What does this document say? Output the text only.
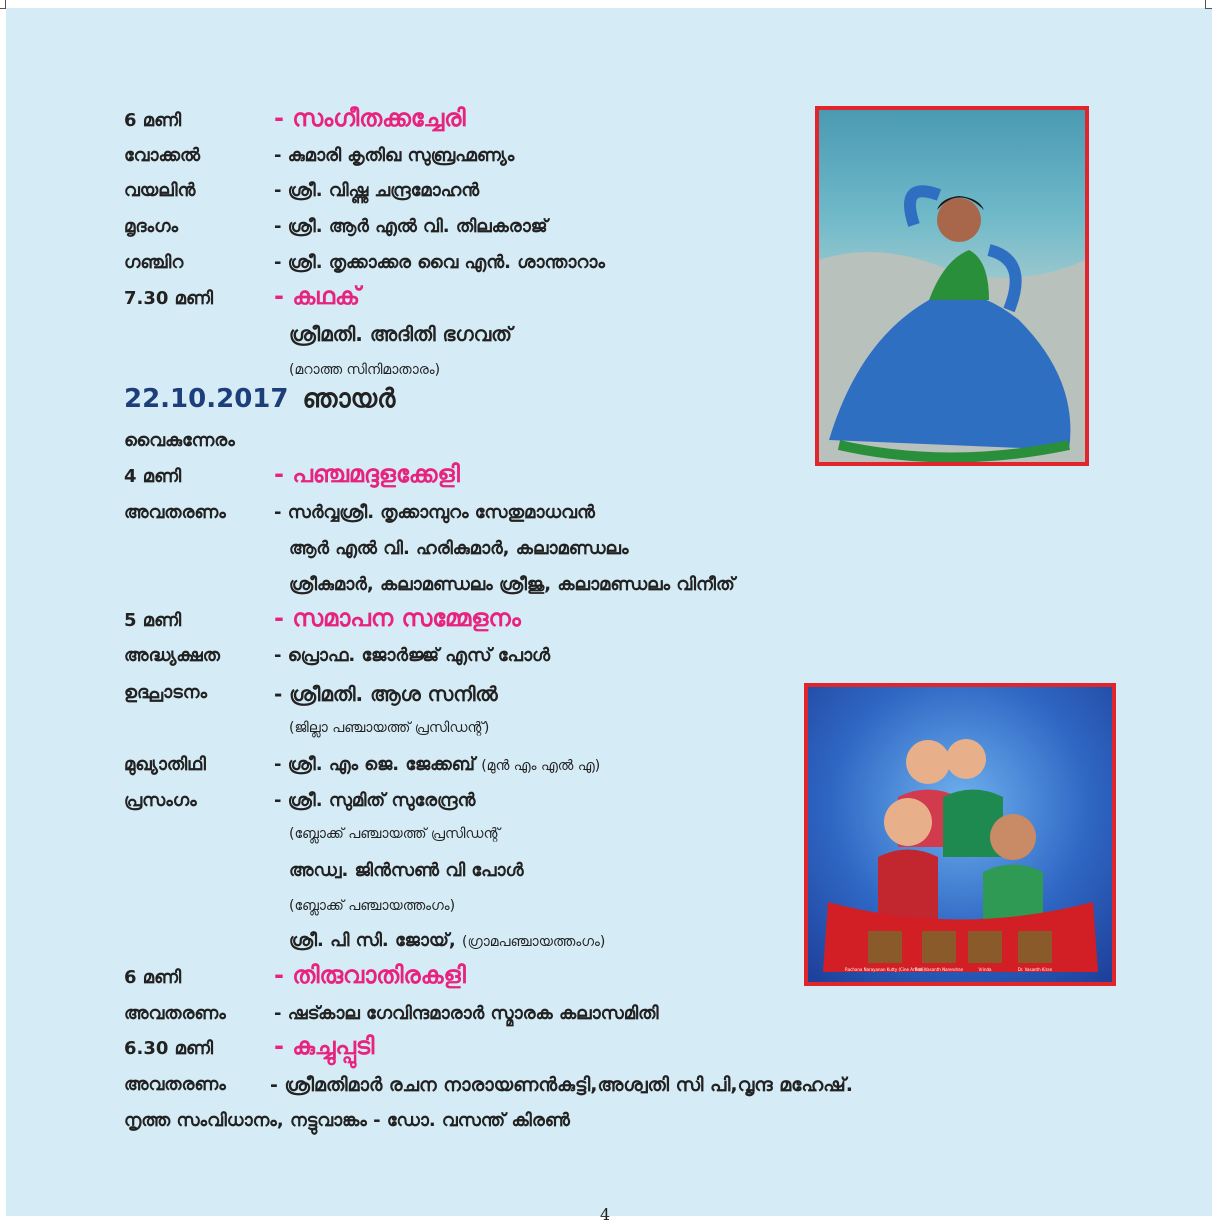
6 മണി	- സംഗീതക്കച്ചേരി
വോക്കൽ	- കുമാരി കൃതിഖ സുബ്രഹ്മണ്യം
വയലിൻ	- ശ്രീ. വിഷ്ണു ചന്ദ്രമോഹൻ
മൃദംഗം	- ശ്രീ. ആർ എൽ വി. തിലകരാജ്
ഗഞ്ചിറ	- ശ്രീ. തൃക്കാക്കര വൈ എൻ. ശാന്താറാം
7.30 മണി	- കഥക്
ശ്രീമതി. അദിതി ഭഗവത്
(മറാത്ത സിനിമാതാരം)
22.10.2017 ഞായർ
വൈകുന്നേരം
4 മണി	- പഞ്ചമദ്ദളക്കേളി
അവതരണം	- സർവ്വശ്രീ. തൃക്കാമ്പുറം സേതുമാധവൻ
ആർ എൽ വി. ഹരികുമാർ, കലാമണ്ഡലം
ശ്രീകുമാർ, കലാമണ്ഡലം ശ്രീജു, കലാമണ്ഡലം വിനീത്
5 മണി	- സമാപന സമ്മേളനം
അദ്ധ്യക്ഷത	- പ്രൊഫ. ജോർജ്ജ് എസ് പോൾ
ഉദ്ഘാടനം	- ശ്രീമതി. ആശ സനിൽ
(ജില്ലാ പഞ്ചായത്ത് പ്രസിഡന്റ്)
മുഖ്യാതിഥി	- ശ്രീ. എം ജെ. ജേക്കബ് (മുൻ എം എൽ എ)
പ്രസംഗം	- ശ്രീ. സുമിത് സുരേന്ദ്രൻ
(ബ്ലോക്ക് പഞ്ചായത്ത് പ്രസിഡന്റ്
അഡ്വ. ജിൻസൺ വി പോൾ
(ബ്ലോക്ക് പഞ്ചായത്തംഗം)
ശ്രീ. പി സി. ജോയ്, (ഗ്രാമപഞ്ചായത്തംഗം)
6 മണി	- തിരുവാതിരകളി
അവതരണം	- ഷട്കാല ഗേവിന്ദമാരാർ സ്മാരക കലാസമിതി
6.30 മണി	- കുച്ചുപ്പുടി
അവതരണം - ശ്രീമതിമാർ രചന നാരായണൻകുട്ടി,അശ്വതി സി പി,വൃന്ദ മഹേഷ്.
നൃത്ത സംവിധാനം, നട്ടുവാങ്കം - ഡോ. വസന്ത് കിരൺ
Rachana Narayanan Kutty (Cine Artiste)
Prof. Vasanth Narendran	Vrinda	Dr. Vasanth Kiran
4
